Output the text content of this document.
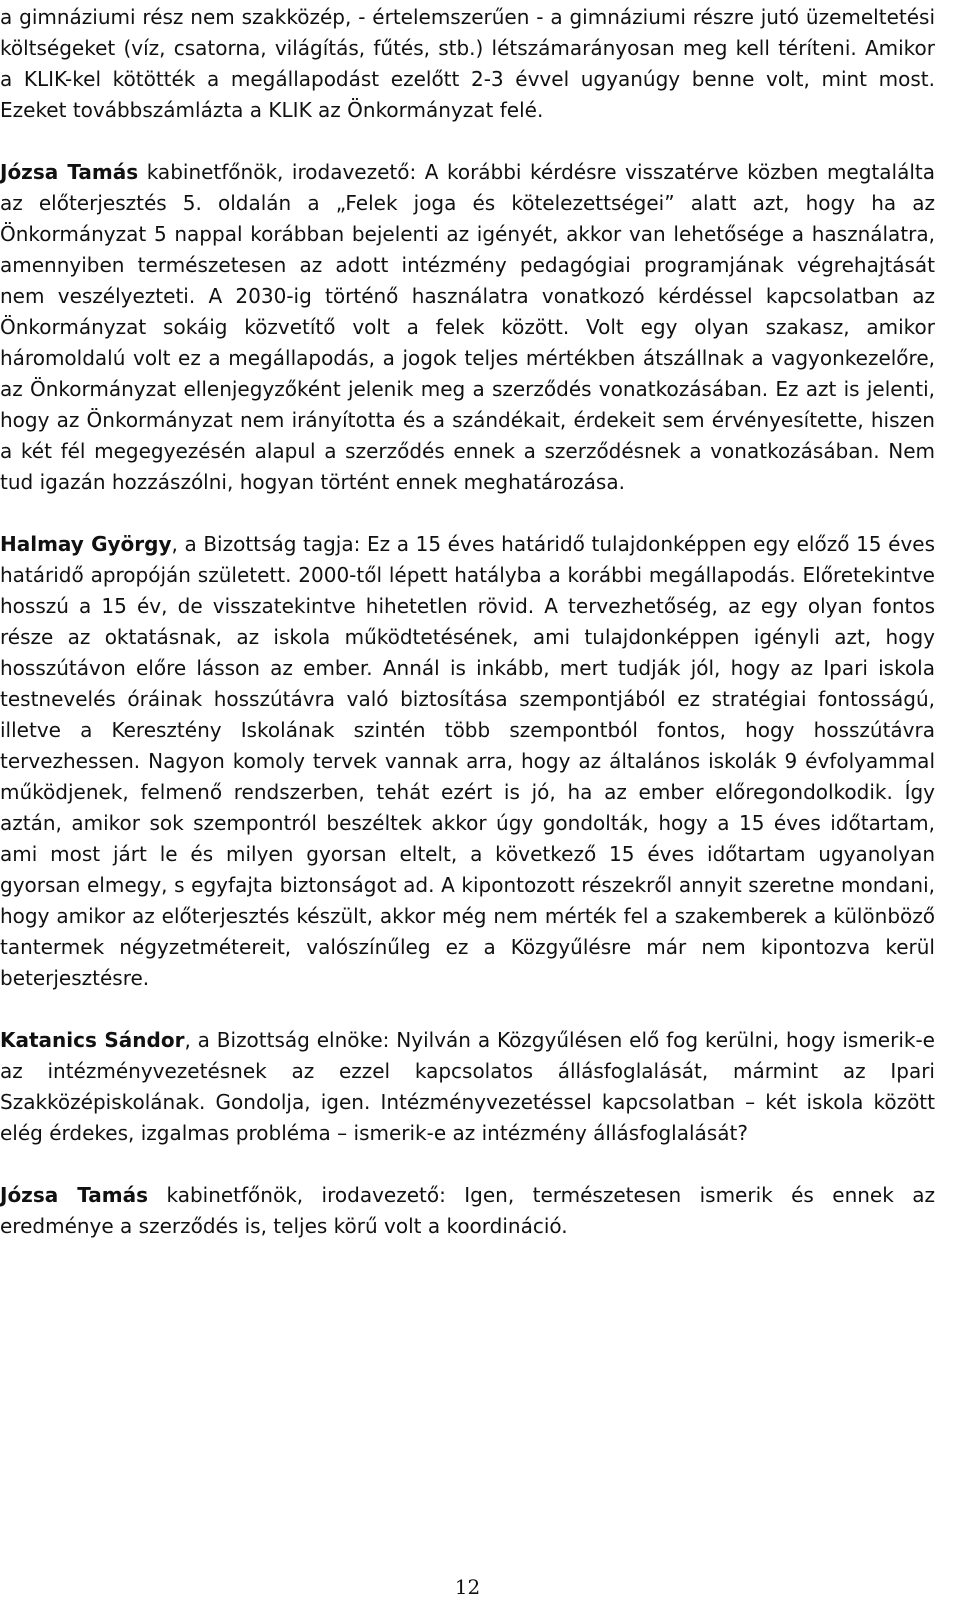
a gimnáziumi rész nem szakközép, - értelemszerűen - a gimnáziumi részre jutó üzemeltetési költségeket (víz, csatorna, világítás, fűtés, stb.) létszámarányosan meg kell téríteni. Amikor a KLIK-kel kötötték a megállapodást ezelőtt 2-3 évvel ugyanúgy benne volt, mint most. Ezeket továbbszámlázta a KLIK az Önkormányzat felé.

Józsa Tamás kabinetfőnök, irodavezető: A korábbi kérdésre visszatérve közben megtalálta az előterjesztés 5. oldalán a „Felek joga és kötelezettségei” alatt azt, hogy ha az Önkormányzat 5 nappal korábban bejelenti az igényét, akkor van lehetősége a használatra, amennyiben természetesen az adott intézmény pedagógiai programjának végrehajtását nem veszélyezteti. A 2030-ig történő használatra vonatkozó kérdéssel kapcsolatban az Önkormányzat sokáig közvetítő volt a felek között. Volt egy olyan szakasz, amikor háromoldalú volt ez a megállapodás, a jogok teljes mértékben átszállnak a vagyonkezelőre, az Önkormányzat ellenjegyzőként jelenik meg a szerződés vonatkozásában. Ez azt is jelenti, hogy az Önkormányzat nem irányította és a szándékait, érdekeit sem érvényesítette, hiszen a két fél megegyezésén alapul a szerződés ennek a szerződésnek a vonatkozásában. Nem tud igazán hozzászólni, hogyan történt ennek meghatározása.

Halmay György, a Bizottság tagja: Ez a 15 éves határidő tulajdonképpen egy előző 15 éves határidő apropóján született. 2000-től lépett hatályba a korábbi megállapodás. Előretekintve hosszú a 15 év, de visszatekintve hihetetlen rövid. A tervezhetőség, az egy olyan fontos része az oktatásnak, az iskola működtetésének, ami tulajdonképpen igényli azt, hogy hosszútávon előre lásson az ember. Annál is inkább, mert tudják jól, hogy az Ipari iskola testnevelés óráinak hosszútávra való biztosítása szempontjából ez stratégiai fontosságú, illetve a Keresztény Iskolának szintén több szempontból fontos, hogy hosszútávra tervezhessen. Nagyon komoly tervek vannak arra, hogy az általános iskolák 9 évfolyammal működjenek, felmenő rendszerben, tehát ezért is jó, ha az ember előregondolkodik. Így aztán, amikor sok szempontról beszéltek akkor úgy gondolták, hogy a 15 éves időtartam, ami most járt le és milyen gyorsan eltelt, a következő 15 éves időtartam ugyanolyan gyorsan elmegy, s egyfajta biztonságot ad. A kipontozott részekről annyit szeretne mondani, hogy amikor az előterjesztés készült, akkor még nem mérték fel a szakemberek a különböző tantermek négyzetmétereit, valószínűleg ez a Közgyűlésre már nem kipontozva kerül beterjesztésre.

Katanics Sándor, a Bizottság elnöke: Nyilván a Közgyűlésen elő fog kerülni, hogy ismerik-e az intézményvezetésnek az ezzel kapcsolatos állásfoglalását, mármint az Ipari Szakközépiskolának. Gondolja, igen. Intézményvezetéssel kapcsolatban – két iskola között elég érdekes, izgalmas probléma – ismerik-e az intézmény állásfoglalását?

Józsa Tamás kabinetfőnök, irodavezető: Igen, természetesen ismerik és ennek az eredménye a szerződés is, teljes körű volt a koordináció.

12
